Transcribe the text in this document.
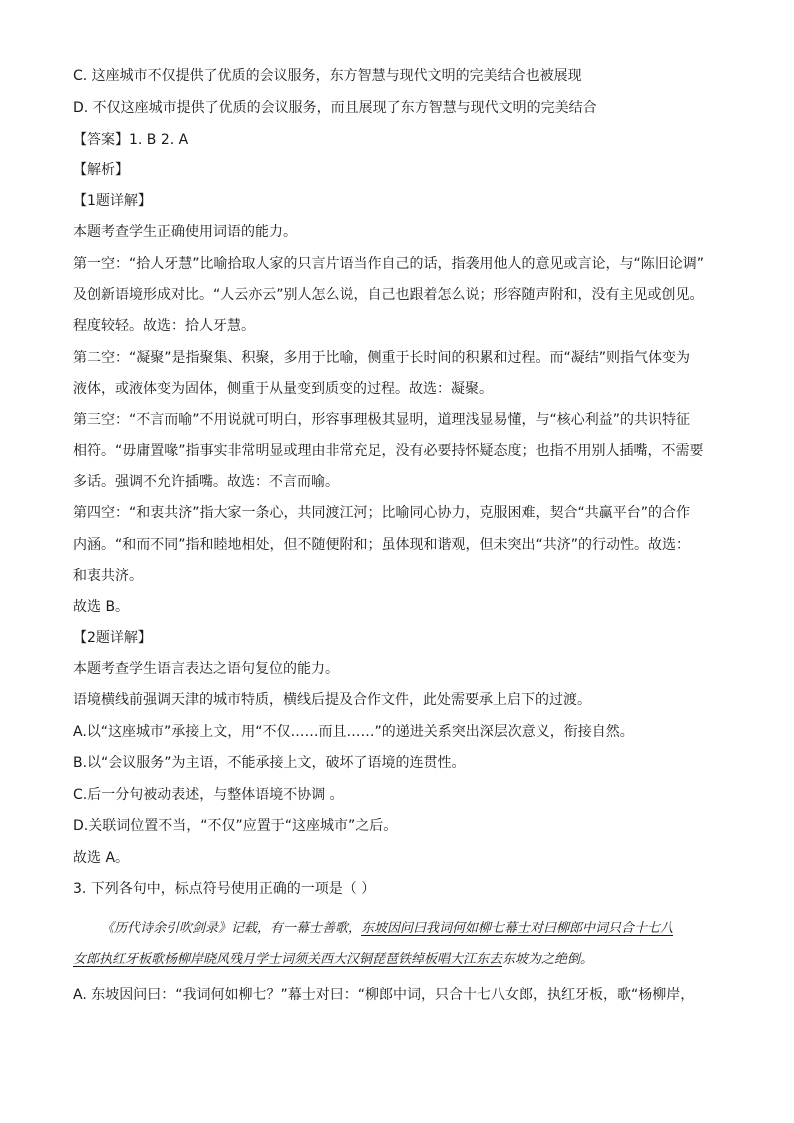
C. 这座城市不仅提供了优质的会议服务，东方智慧与现代文明的完美结合也被展现
D. 不仅这座城市提供了优质的会议服务，而且展现了东方智慧与现代文明的完美结合
【答案】1. B 2. A
【解析】
【1题详解】
本题考查学生正确使用词语的能力。
第一空：“拾人牙慧”比喻拾取人家的只言片语当作自己的话，指袭用他人的意见或言论，与“陈旧论调”
及创新语境形成对比。“人云亦云”别人怎么说，自己也跟着怎么说；形容随声附和，没有主见或创见。
程度较轻。故选：拾人牙慧。
第二空：“凝聚”是指聚集、积聚，多用于比喻，侧重于长时间的积累和过程。而“凝结”则指气体变为
液体，或液体变为固体，侧重于从量变到质变的过程。故选：凝聚。
第三空：“不言而喻”不用说就可明白，形容事理极其显明，道理浅显易懂，与“核心利益”的共识特征
相符。“毋庸置喙”指事实非常明显或理由非常充足，没有必要持怀疑态度；也指不用别人插嘴，不需要
多话。强调不允许插嘴。故选：不言而喻。
第四空：“和衷共济”指大家一条心，共同渡江河；比喻同心协力，克服困难，契合“共赢平台”的合作
内涵。“和而不同”指和睦地相处，但不随便附和；虽体现和谐观，但未突出“共济”的行动性。故选：
和衷共济。
故选 B。
【2题详解】
本题考查学生语言表达之语句复位的能力。
语境横线前强调天津的城市特质，横线后提及合作文件，此处需要承上启下的过渡。
A.以“这座城市”承接上文，用“不仅……而且……”的递进关系突出深层次意义，衔接自然。
B.以“会议服务”为主语，不能承接上文，破坏了语境的连贯性。
C.后一分句被动表述，与整体语境不协调 。
D.关联词位置不当，“不仅”应置于“这座城市”之后。
故选 A。
3. 下列各句中，标点符号使用正确的一项是（ ）
《历代诗余引吹剑录》记载，有一幕士善歌，东坡因问曰我词何如柳七幕士对曰柳郎中词只合十七八
女郎执红牙板歌杨柳岸晓风残月学士词须关西大汉铜琵琶铁绰板唱大江东去东坡为之绝倒。
A. 东坡因问曰：“我词何如柳七？”幕士对曰：“柳郎中词，只合十七八女郎，执红牙板，歌“杨柳岸，
